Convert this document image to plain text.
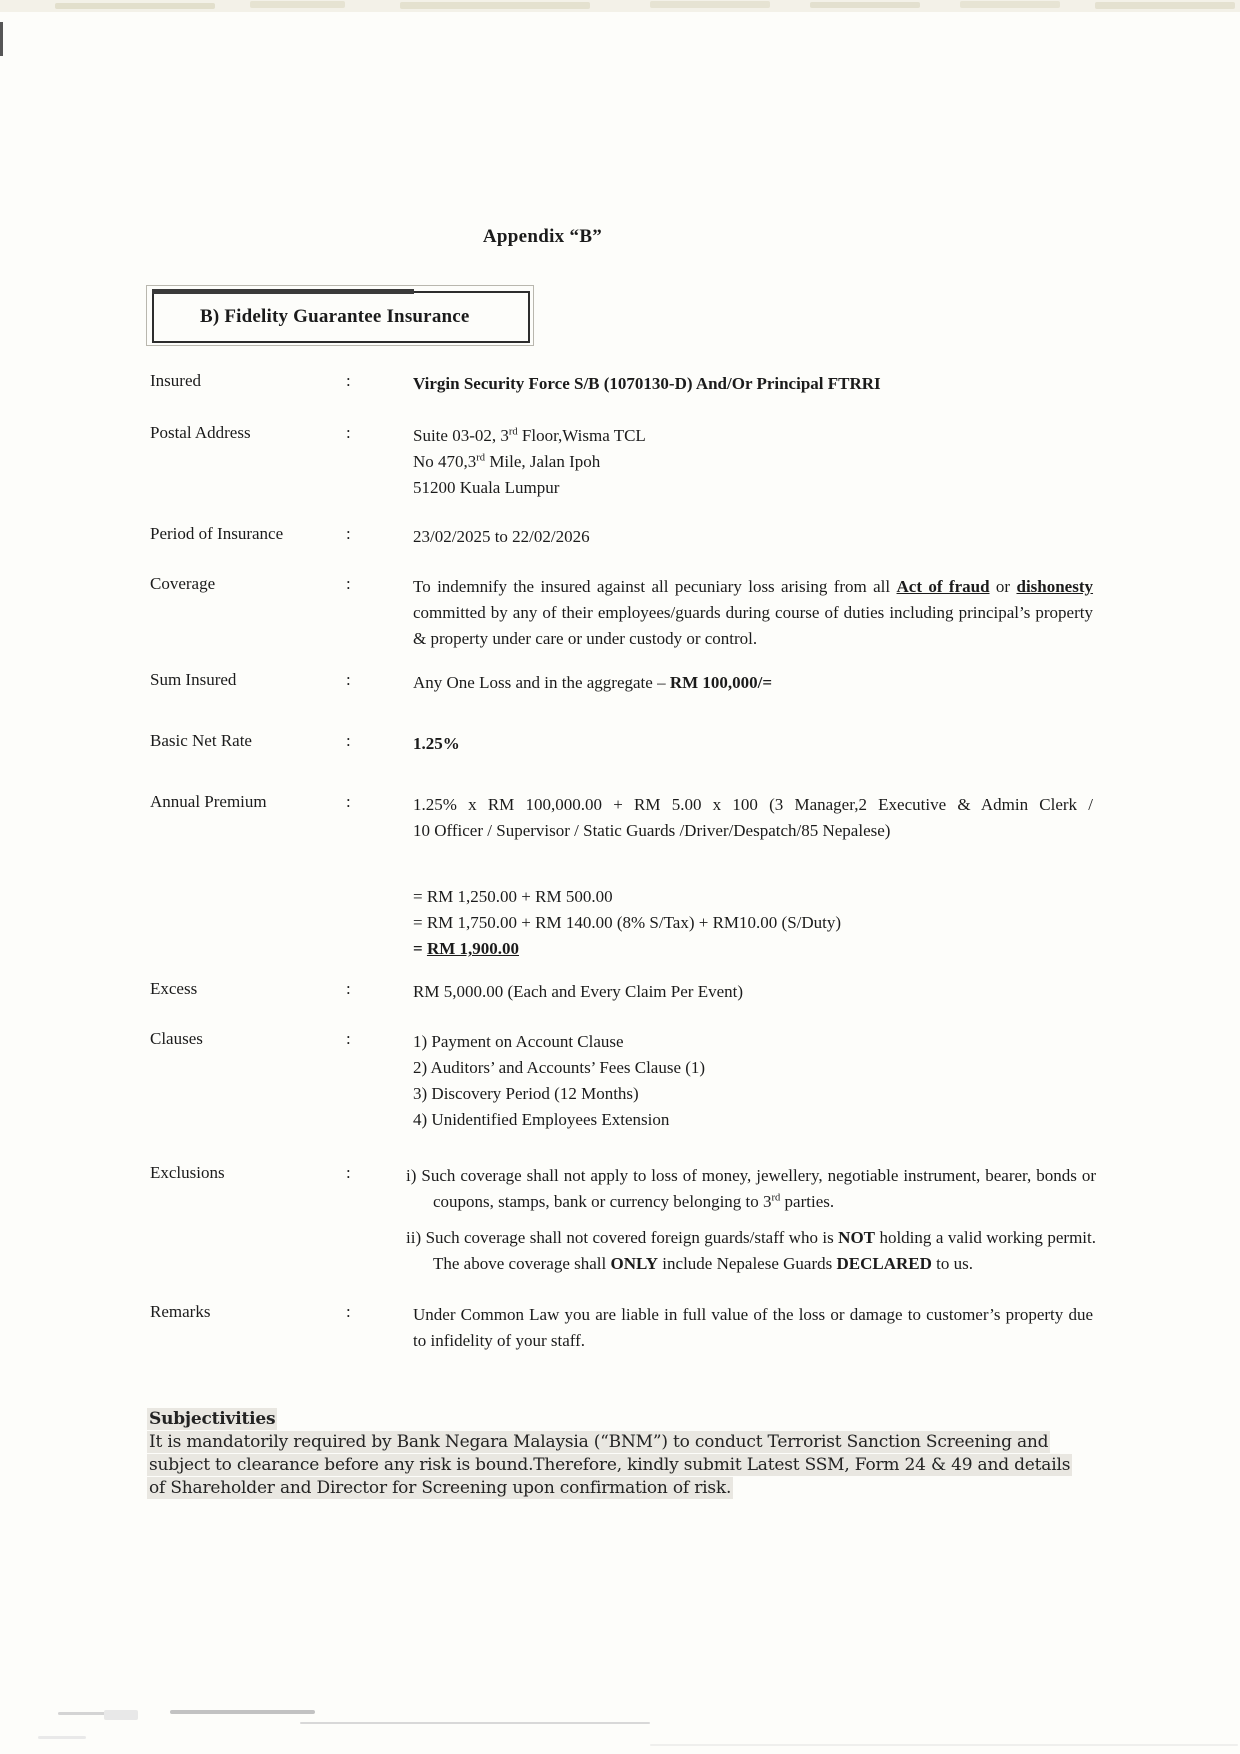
Appendix “B”
B) Fidelity Guarantee Insurance
Insured	:	Virgin Security Force S/B (1070130-D) And/Or Principal FTRRI
Postal Address	:	Suite 03-02, 3rd Floor,Wisma TCL
No 470,3rd Mile, Jalan Ipoh
51200 Kuala Lumpur
Period of Insurance	:	23/02/2025 to 22/02/2026
Coverage	:	To indemnify the insured against all pecuniary loss arising from all Act of fraud or dishonesty committed by any of their employees/guards during course of duties including principal’s property & property under care or under custody or control.
Sum Insured	:	Any One Loss and in the aggregate – RM 100,000/=
Basic Net Rate	:	1.25%
Annual Premium	:	1.25% x RM 100,000.00 + RM 5.00 x 100 (3 Manager,2 Executive & Admin Clerk /
10 Officer / Supervisor / Static Guards /Driver/Despatch/85 Nepalese)
= RM 1,250.00 + RM 500.00
= RM 1,750.00 + RM 140.00 (8% S/Tax) + RM10.00 (S/Duty)
= RM 1,900.00
Excess	:	RM 5,000.00 (Each and Every Claim Per Event)
Clauses	:	1) Payment on Account Clause
2) Auditors’ and Accounts’ Fees Clause (1)
3) Discovery Period (12 Months)
4) Unidentified Employees Extension
Exclusions	:	i) Such coverage shall not apply to loss of money, jewellery, negotiable instrument, bearer, bonds or coupons, stamps, bank or currency belonging to 3rd parties.
ii) Such coverage shall not covered foreign guards/staff who is NOT holding a valid working permit. The above coverage shall ONLY include Nepalese Guards DECLARED to us.
Remarks	:	Under Common Law you are liable in full value of the loss or damage to customer’s property due to infidelity of your staff.
Subjectivities
It is mandatorily required by Bank Negara Malaysia (“BNM”) to conduct Terrorist Sanction Screening and subject to clearance before any risk is bound.Therefore, kindly submit Latest SSM, Form 24 & 49 and details of Shareholder and Director for Screening upon confirmation of risk.
